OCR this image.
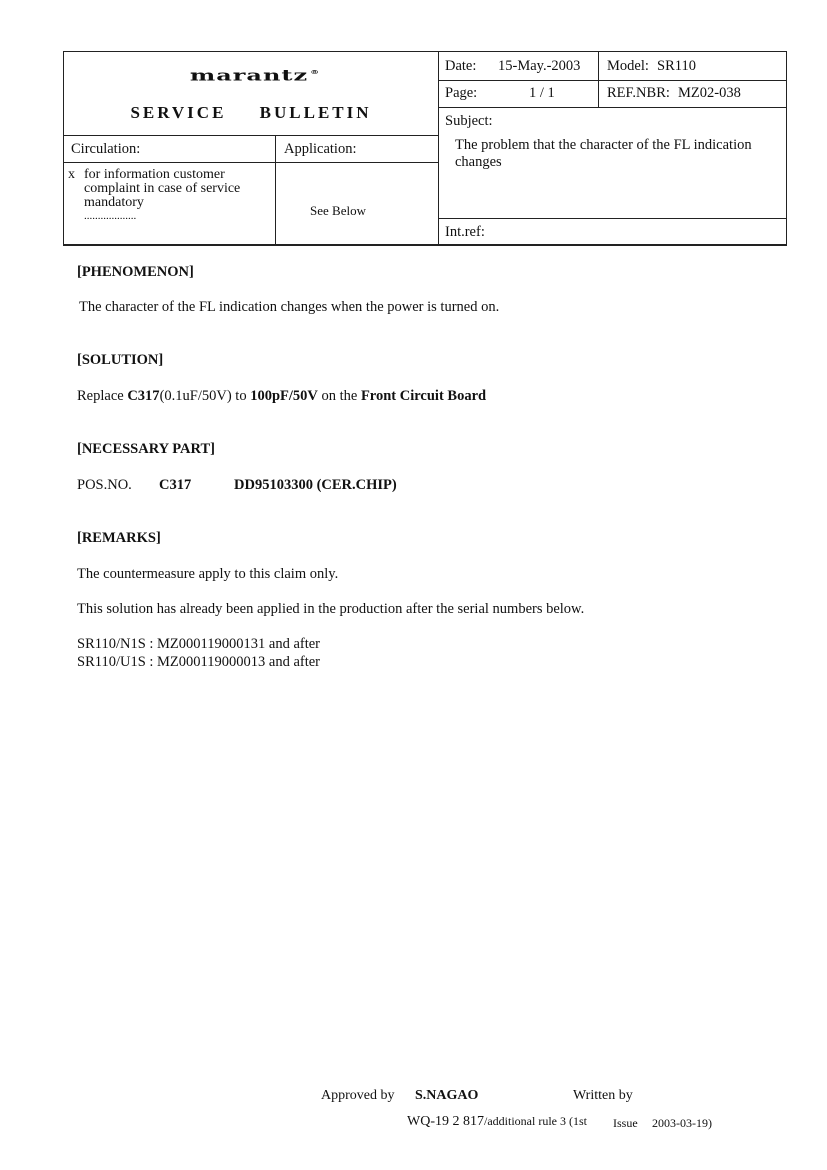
marantz ®
SERVICE BULLETIN
Date: 15-May.-2003 Model: SR110
Page:	1 / 1	REF.NBR: MZ02-038
Subject:
The problem that the character of the FL indication
changes
Int.ref:
Circulation:	Application:
x for information customer
complaint in case of service
mandatory
...................	See Below
[PHENOMENON]
The character of the FL indication changes when the power is turned on.
[SOLUTION]
Replace C317(0.1uF/50V) to 100pF/50V on the Front Circuit Board
[NECESSARY PART]
POS.NO. C317	DD95103300 (CER.CHIP)
[REMARKS]
The countermeasure apply to this claim only.
This solution has already been applied in the production after the serial numbers below.
SR110/N1S : MZ000119000131 and after
SR110/U1S : MZ000119000013 and after
Approved by S.NAGAO	Written by
WQ-19 2 817/additional rule 3 (1st Issue 2003-03-19)
